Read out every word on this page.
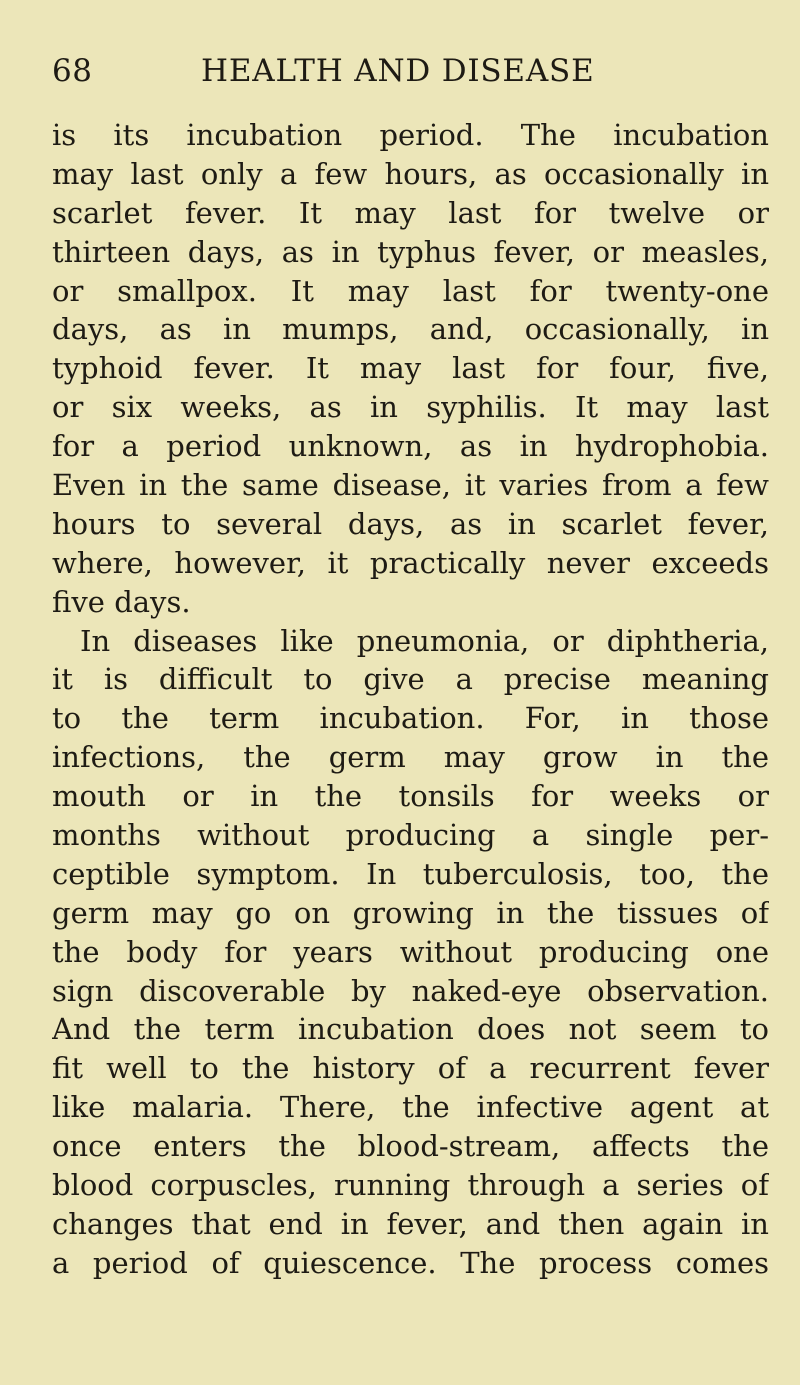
68	HEALTH AND DISEASE
is its incubation period. The incubation
may last only a few hours, as occasionally in
scarlet fever. It may last for twelve or
thirteen days, as in typhus fever, or measles,
or smallpox. It may last for twenty-one
days, as in mumps, and, occasionally, in
typhoid fever. It may last for four, five,
or six weeks, as in syphilis. It may last
for a period unknown, as in hydrophobia.
Even in the same disease, it varies from a few
hours to several days, as in scarlet fever,
where, however, it practically never exceeds
five days.
In diseases like pneumonia, or diphtheria,
it is difficult to give a precise meaning
to the term incubation. For, in those
infections, the germ may grow in the
mouth or in the tonsils for weeks or
months without producing a single per-
ceptible symptom. In tuberculosis, too, the
germ may go on growing in the tissues of
the body for years without producing one
sign discoverable by naked-eye observation.
And the term incubation does not seem to
fit well to the history of a recurrent fever
like malaria. There, the infective agent at
once enters the blood-stream, affects the
blood corpuscles, running through a series of
changes that end in fever, and then again in
a period of quiescence. The process comes
